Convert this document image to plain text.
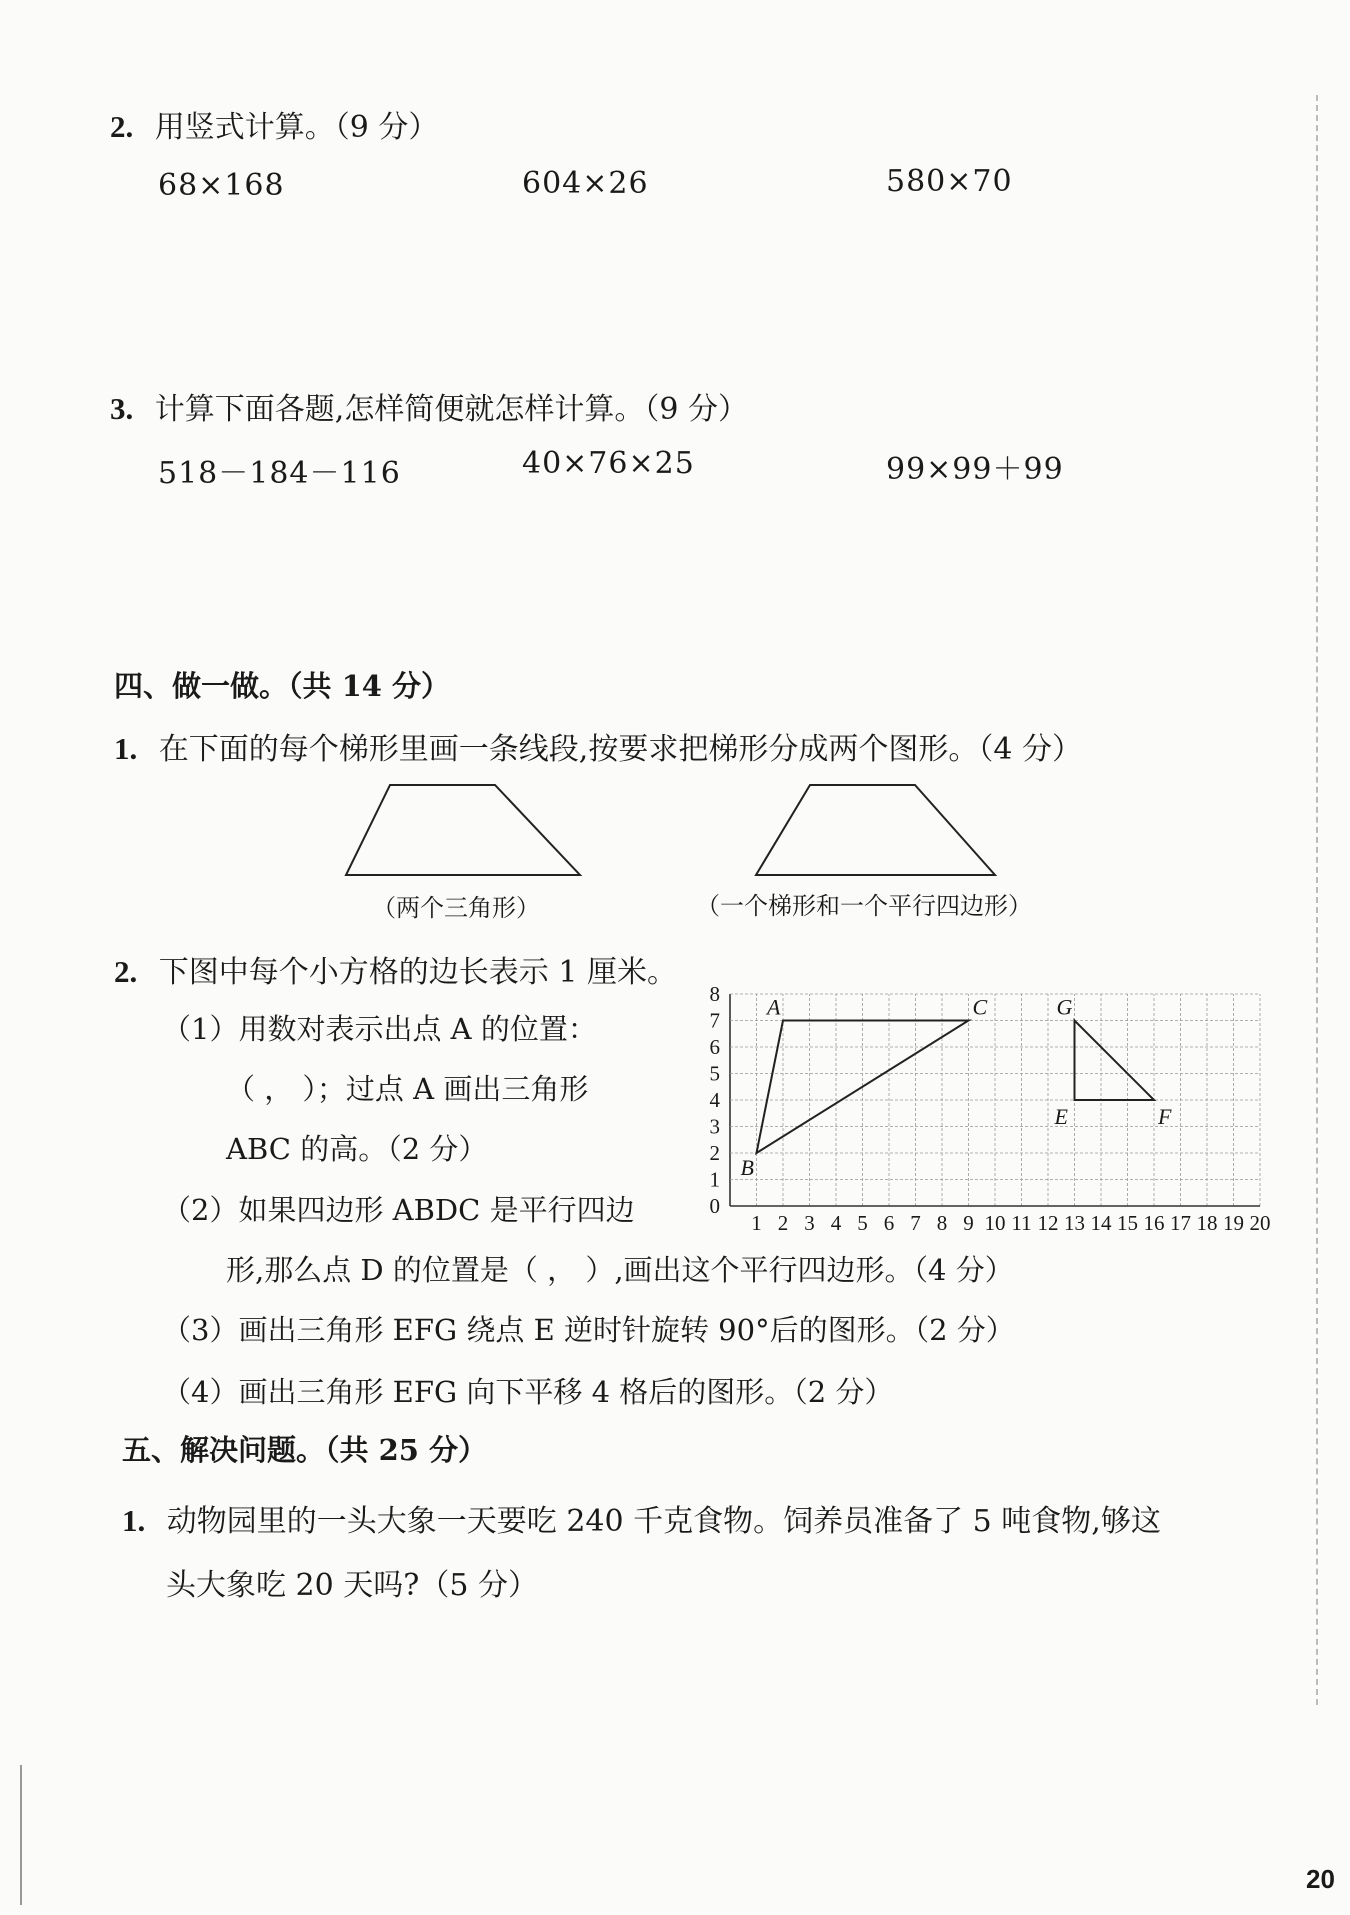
2. 用竖式计算。（9 分）
68×168	604×26	580×70
3. 计算下面各题,怎样简便就怎样计算。（9 分）
518－184－116	40×76×25	99×99＋99
四、做一做。（共 14 分）
1. 在下面的每个梯形里画一条线段,按要求把梯形分成两个图形。（4 分）
（两个三角形）	（一个梯形和一个平行四边形）
2. 下图中每个小方格的边长表示 1 厘米。
（1）用数对表示出点 A 的位置：
（ ， ）；过点 A 画出三角形
ABC 的高。（2 分）
（2）如果四边形 ABDC 是平行四边
形,那么点 D 的位置是（ ， ）,画出这个平行四边形。（4 分）
（3）画出三角形 EFG 绕点 E 逆时针旋转 90°后的图形。（2 分）
（4）画出三角形 EFG 向下平移 4 格后的图形。（2 分）
1 2 3 4 5 6 7 8 9 10 11 12 13 14 15 16 17 18 19 20
0
1
2
3
4
5
6
7
8
A
B
C	G
E	F
五、解决问题。（共 25 分）
1. 动物园里的一头大象一天要吃 240 千克食物。饲养员准备了 5 吨食物,够这
头大象吃 20 天吗?（5 分）
20
